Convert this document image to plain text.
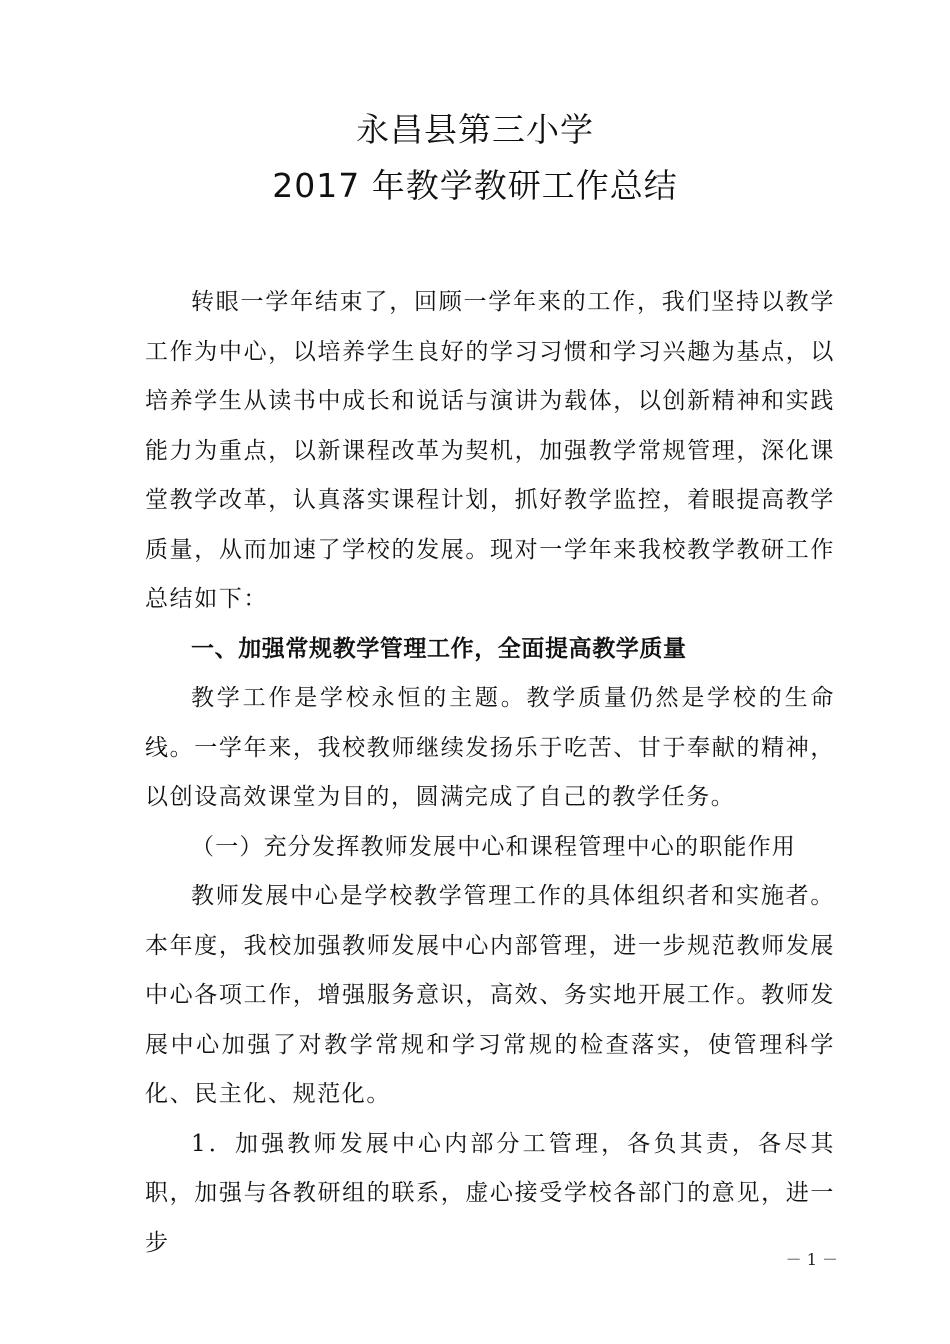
永昌县第三小学
2017 年教学教研工作总结

转眼一学年结束了，回顾一学年来的工作，我们坚持以教学工作为中心，以培养学生良好的学习习惯和学习兴趣为基点，以培养学生从读书中成长和说话与演讲为载体，以创新精神和实践能力为重点，以新课程改革为契机，加强教学常规管理，深化课堂教学改革，认真落实课程计划，抓好教学监控，着眼提高教学质量，从而加速了学校的发展。现对一学年来我校教学教研工作总结如下：

一、加强常规教学管理工作，全面提高教学质量

教学工作是学校永恒的主题。教学质量仍然是学校的生命线。一学年来，我校教师继续发扬乐于吃苦、甘于奉献的精神，以创设高效课堂为目的，圆满完成了自己的教学任务。

（一）充分发挥教师发展中心和课程管理中心的职能作用

教师发展中心是学校教学管理工作的具体组织者和实施者。本年度，我校加强教师发展中心内部管理，进一步规范教师发展中心各项工作，增强服务意识，高效、务实地开展工作。教师发展中心加强了对教学常规和学习常规的检查落实，使管理科学化、民主化、规范化。

1．加强教师发展中心内部分工管理，各负其责，各尽其职，加强与各教研组的联系，虚心接受学校各部门的意见，进一步

－ 1 －
